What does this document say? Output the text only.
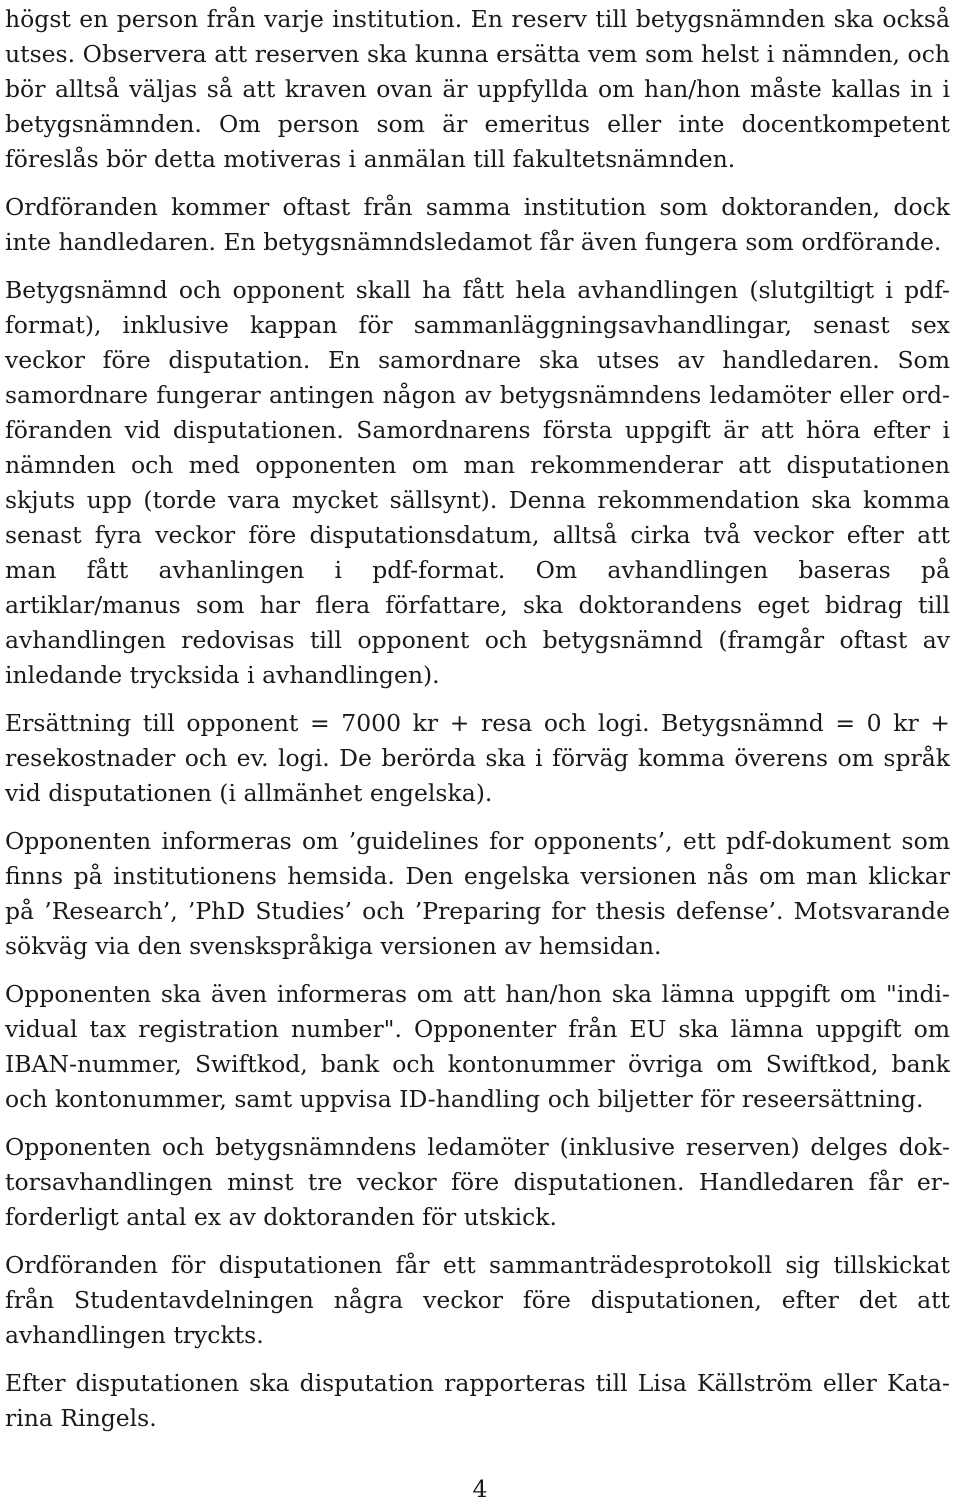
högst en person från varje institution. En reserv till betygsnämnden ska också utses. Observera att reserven ska kunna ersätta vem som helst i nämnden, och bör alltså väljas så att kraven ovan är uppfyllda om han/hon måste kallas in i betygsnämnden. Om person som är emeritus eller inte docentkompetent föreslås bör detta motiveras i anmälan till fakultetsnämnden.

Ordföranden kommer oftast från samma institution som doktoranden, dock inte handledaren. En betygsnämndsledamot får även fungera som ordförande.

Betygsnämnd och opponent skall ha fått hela avhandlingen (slutgiltigt i pdf-format), inklusive kappan för sammanläggningsavhandlingar, senast sex veckor före disputation. En samordnare ska utses av handledaren. Som samordnare fungerar antingen någon av betygsnämndens ledamöter eller ordföranden vid disputationen. Samordnarens första uppgift är att höra efter i nämnden och med opponenten om man rekommenderar att disputationen skjuts upp (torde vara mycket sällsynt). Denna rekommendation ska komma senast fyra veckor före disputationsdatum, alltså cirka två veckor efter att man fått avhanlingen i pdf-format. Om avhandlingen baseras på artiklar/manus som har flera författare, ska doktorandens eget bidrag till avhandlingen redovisas till opponent och betygsnämnd (framgår oftast av inledande trycksida i avhandlingen).

Ersättning till opponent = 7000 kr + resa och logi. Betygsnämnd = 0 kr + resekostnader och ev. logi. De berörda ska i förväg komma överens om språk vid disputationen (i allmänhet engelska).

Opponenten informeras om ’guidelines for opponents’, ett pdf-dokument som finns på institutionens hemsida. Den engelska versionen nås om man klickar på ’Research’, ’PhD Studies’ och ’Preparing for thesis defense’. Motsvarande sökväg via den svenskspråkiga versionen av hemsidan.

Opponenten ska även informeras om att han/hon ska lämna uppgift om "individual tax registration number". Opponenter från EU ska lämna uppgift om IBAN-nummer, Swiftkod, bank och kontonummer övriga om Swiftkod, bank och kontonummer, samt uppvisa ID-handling och biljetter för reseersättning.

Opponenten och betygsnämndens ledamöter (inklusive reserven) delges doktorsavhandlingen minst tre veckor före disputationen. Handledaren får erforderligt antal ex av doktoranden för utskick.

Ordföranden för disputationen får ett sammanträdesprotokoll sig tillskickat från Studentavdelningen några veckor före disputationen, efter det att avhandlingen tryckts.

Efter disputationen ska disputation rapporteras till Lisa Källström eller Katarina Ringels.

4
